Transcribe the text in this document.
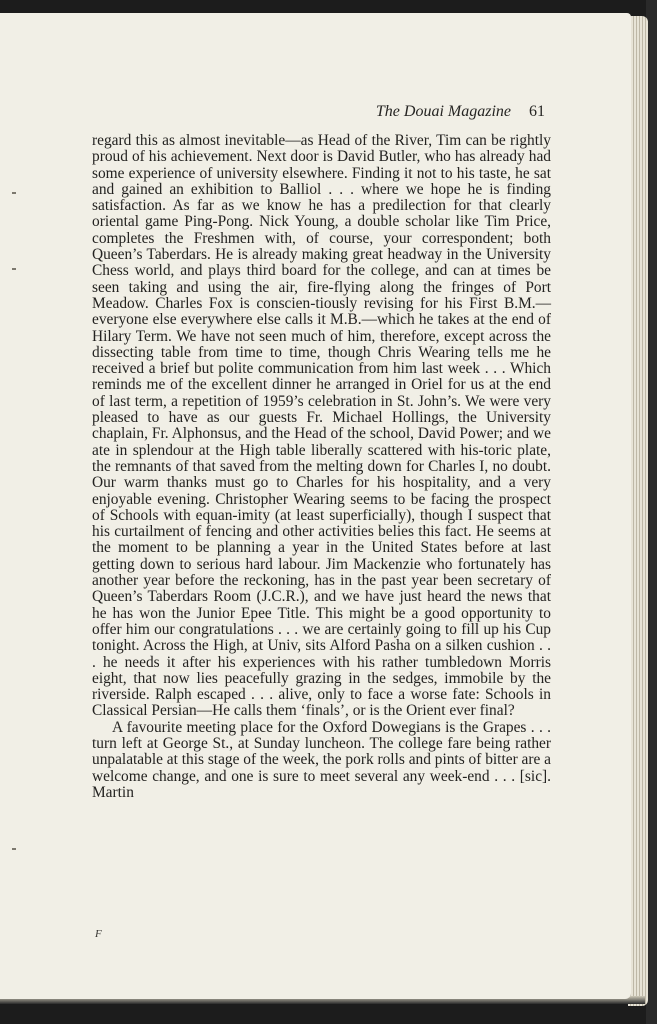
The Douai Magazine 61

regard this as almost inevitable—as Head of the River, Tim can be rightly proud of his achievement. Next door is David Butler, who has already had some experience of university elsewhere. Finding it not to his taste, he sat and gained an exhibition to Balliol . . . where we hope he is finding satisfaction. As far as we know he has a predilection for that clearly oriental game Ping-Pong. Nick Young, a double scholar like Tim Price, completes the Freshmen with, of course, your correspondent; both Queen’s Taberdars. He is already making great headway in the University Chess world, and plays third board for the college, and can at times be seen taking and using the air, fire-flying along the fringes of Port Meadow. Charles Fox is conscien-tiously revising for his First B.M.—everyone else everywhere else calls it M.B.—which he takes at the end of Hilary Term. We have not seen much of him, therefore, except across the dissecting table from time to time, though Chris Wearing tells me he received a brief but polite communication from him last week . . . Which reminds me of the excellent dinner he arranged in Oriel for us at the end of last term, a repetition of 1959’s celebration in St. John’s. We were very pleased to have as our guests Fr. Michael Hollings, the University chaplain, Fr. Alphonsus, and the Head of the school, David Power; and we ate in splendour at the High table liberally scattered with his-toric plate, the remnants of that saved from the melting down for Charles I, no doubt. Our warm thanks must go to Charles for his hospitality, and a very enjoyable evening. Christopher Wearing seems to be facing the prospect of Schools with equan-imity (at least superficially), though I suspect that his curtailment of fencing and other activities belies this fact. He seems at the moment to be planning a year in the United States before at last getting down to serious hard labour. Jim Mackenzie who fortunately has another year before the reckoning, has in the past year been secretary of Queen’s Taberdars Room (J.C.R.), and we have just heard the news that he has won the Junior Epee Title. This might be a good opportunity to offer him our congratulations . . . we are certainly going to fill up his Cup tonight. Across the High, at Univ, sits Alford Pasha on a silken cushion . . . he needs it after his experiences with his rather tumbledown Morris eight, that now lies peacefully grazing in the sedges, immobile by the riverside. Ralph escaped . . . alive, only to face a worse fate: Schools in Classical Persian—He calls them ‘finals’, or is the Orient ever final?

A favourite meeting place for the Oxford Dowegians is the Grapes . . . turn left at George St., at Sunday luncheon. The college fare being rather unpalatable at this stage of the week, the pork rolls and pints of bitter are a welcome change, and one is sure to meet several any week-end . . . [sic]. Martin

F
